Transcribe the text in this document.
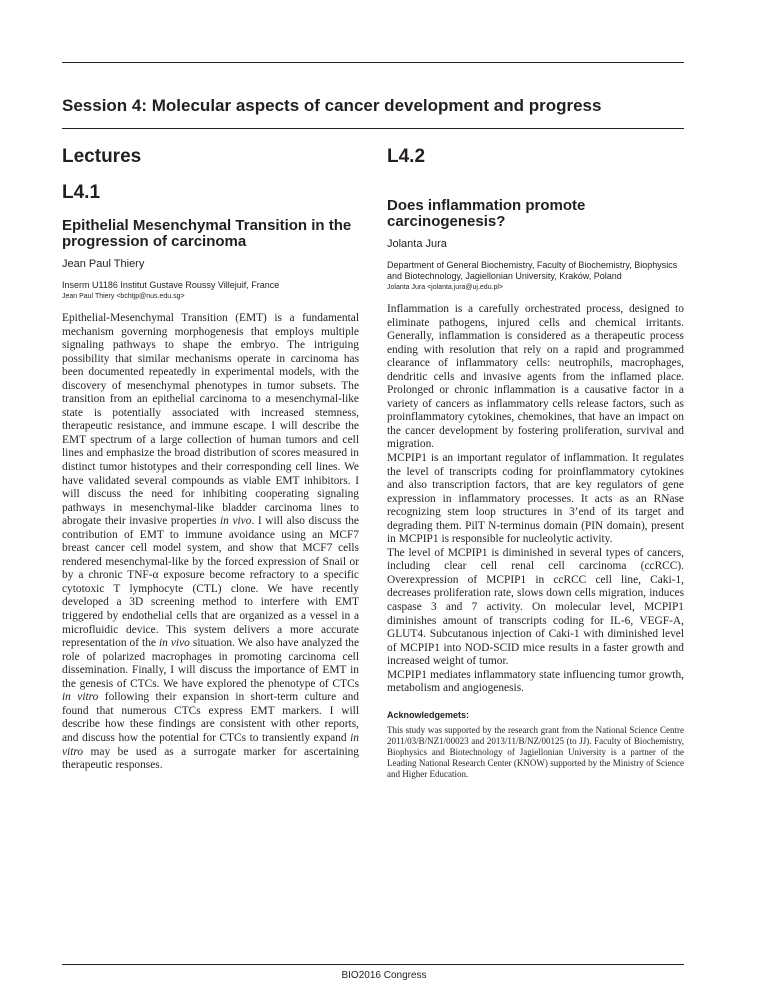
Session 4: Molecular aspects of cancer development and progress
Lectures
L4.1
Epithelial Mesenchymal Transition in the progression of carcinoma
Jean Paul Thiery
Inserm U1186 Institut Gustave Roussy Villejuif, France
Jean Paul Thiery <bchtjp@nus.edu.sg>

Epithelial-Mesenchymal Transition (EMT) is a fundamental mechanism governing morphogenesis that employs multiple signaling pathways to shape the embryo. The intriguing possibility that similar mechanisms operate in carcinoma has been documented repeatedly in experimental models, with the discovery of mesenchymal phenotypes in tumor subsets. The transition from an epithelial carcinoma to a mesenchymal-like state is potentially associated with increased stemness, therapeutic resistance, and immune escape. I will describe the EMT spectrum of a large collection of human tumors and cell lines and emphasize the broad distribution of scores measured in distinct tumor histotypes and their corresponding cell lines. We have validated several compounds as viable EMT inhibitors. I will discuss the need for inhibiting cooperating signaling pathways in mesenchymal-like bladder carcinoma lines to abrogate their invasive properties in vivo. I will also discuss the contribution of EMT to immune avoidance using an MCF7 breast cancer cell model system, and show that MCF7 cells rendered mesenchymal-like by the forced expression of Snail or by a chronic TNF-α exposure become refractory to a specific cytotoxic T lymphocyte (CTL) clone. We have recently developed a 3D screening method to interfere with EMT triggered by endothelial cells that are organized as a vessel in a microfluidic device. This system delivers a more accurate representation of the in vivo situation. We also have analyzed the role of polarized macrophages in promoting carcinoma cell dissemination. Finally, I will discuss the importance of EMT in the genesis of CTCs. We have explored the phenotype of CTCs in vitro following their expansion in short-term culture and found that numerous CTCs express EMT markers. I will describe how these findings are consistent with other reports, and discuss how the potential for CTCs to transiently expand in vitro may be used as a surrogate marker for ascertaining therapeutic responses.

L4.2
Does inflammation promote carcinogenesis?
Jolanta Jura
Department of General Biochemistry, Faculty of Biochemistry, Biophysics and Biotechnology, Jagiellonian University, Kraków, Poland
Jolanta Jura <jolanta.jura@uj.edu.pl>

Inflammation is a carefully orchestrated process, designed to eliminate pathogens, injured cells and chemical irritants. Generally, inflammation is considered as a therapeutic process ending with resolution that rely on a rapid and programmed clearance of inflammatory cells: neutrophils, macrophages, dendritic cells and invasive agents from the inflamed place. Prolonged or chronic inflammation is a causative factor in a variety of cancers as inflammatory cells release factors, such as proinflammatory cytokines, chemokines, that have an impact on the cancer development by fostering proliferation, survival and migration.

MCPIP1 is an important regulator of inflammation. It regulates the level of transcripts coding for proinflammatory cytokines and also transcription factors, that are key regulators of gene expression in inflammatory processes. It acts as an RNase recognizing stem loop structures in 3’end of its target and degrading them. PilT N-terminus domain (PIN domain), present in MCPIP1 is responsible for nucleolytic activity.

The level of MCPIP1 is diminished in several types of cancers, including clear cell renal cell carcinoma (ccRCC). Overexpression of MCPIP1 in ccRCC cell line, Caki-1, decreases proliferation rate, slows down cells migration, induces caspase 3 and 7 activity. On molecular level, MCPIP1 diminishes amount of transcripts coding for IL-6, VEGF-A, GLUT4. Subcutanous injection of Caki-1 with diminished level of MCPIP1 into NOD-SCID mice results in a faster growth and increased weight of tumor.

MCPIP1 mediates inflammatory state influencing tumor growth, metabolism and angiogenesis.

Acknowledgemets:

This study was supported by the research grant from the National Science Centre 2011/03/B/NZ1/00023 and 2013/11/B/NZ/00125 (to JJ). Faculty of Biochemistry, Biophysics and Biotechnology of Jagiellonian University is a partner of the Leading National Research Center (KNOW) supported by the Ministry of Science and Higher Education.

BIO2016 Congress
